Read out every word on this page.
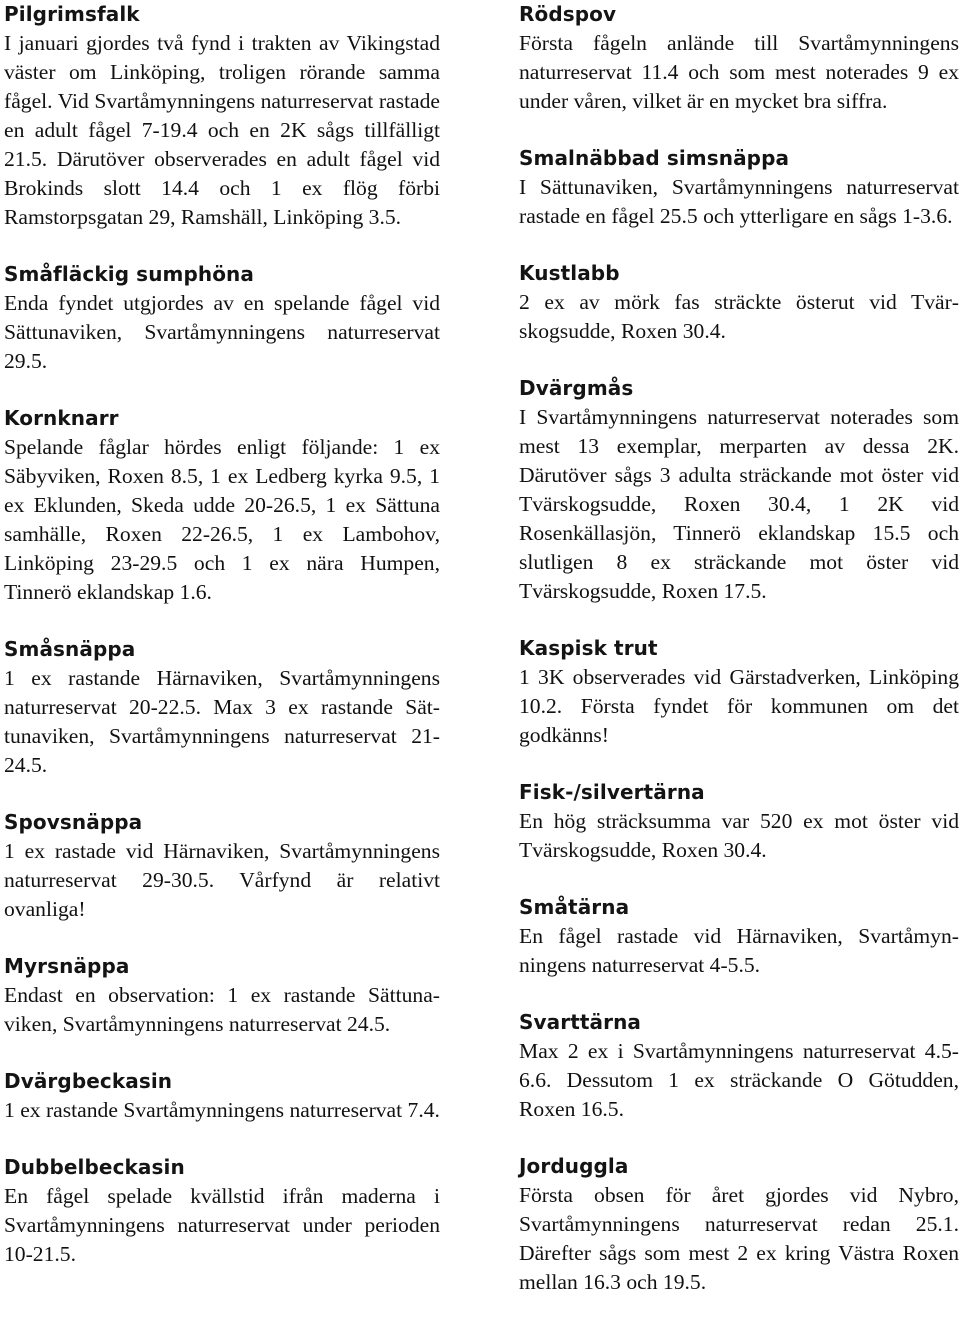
Pilgrimsfalk

I januari gjordes två fynd i trakten av Vikingstad väster om Linköping, troligen rörande samma fågel. Vid Svartåmynningens naturreservat rastade en adult fågel 7-19.4 och en 2K sågs tillfälligt 21.5. Därutöver observerades en adult fågel vid Brokinds slott 14.4 och 1 ex flög förbi Ramstorpsgatan 29, Ramshäll, Linköping 3.5.

Småfläckig sumphöna

Enda fyndet utgjordes av en spelande fågel vid Sättunaviken, Svartåmynningens naturreservat 29.5.

Kornknarr

Spelande fåglar hördes enligt följande: 1 ex Säbyviken, Roxen 8.5, 1 ex Ledberg kyrka 9.5, 1 ex Eklunden, Skeda udde 20-26.5, 1 ex Sättuna samhälle, Roxen 22-26.5, 1 ex Lambohov, Linköping 23-29.5 och 1 ex nära Humpen, Tinnerö eklandskap 1.6.

Småsnäppa

1 ex rastande Härnaviken, Svartåmynningens naturreservat 20-22.5. Max 3 ex rastande Sättunaviken, Svartåmynningens naturreservat 21-24.5.

Spovsnäppa

1 ex rastade vid Härnaviken, Svartåmynningens naturreservat 29-30.5. Vårfynd är relativt ovanliga!

Myrsnäppa

Endast en observation: 1 ex rastande Sättunaviken, Svartåmynningens naturreservat 24.5.

Dvärgbeckasin

1 ex rastande Svartåmynningens naturreservat 7.4.

Dubbelbeckasin

En fågel spelade kvällstid ifrån maderna i Svartåmynningens naturreservat under perioden 10-21.5.

Rödspov

Första fågeln anlände till Svartåmynningens naturreservat 11.4 och som mest noterades 9 ex under våren, vilket är en mycket bra siffra.

Smalnäbbad simsnäppa

I Sättunaviken, Svartåmynningens naturreservat rastade en fågel 25.5 och ytterligare en sågs 1-3.6.

Kustlabb

2 ex av mörk fas sträckte österut vid Tvärskogsudde, Roxen 30.4.

Dvärgmås

I Svartåmynningens naturreservat noterades som mest 13 exemplar, merparten av dessa 2K. Därutöver sågs 3 adulta sträckande mot öster vid Tvärskogsudde, Roxen 30.4, 1 2K vid Rosenkällasjön, Tinnerö eklandskap 15.5 och slutligen 8 ex sträckande mot öster vid Tvärskogsudde, Roxen 17.5.

Kaspisk trut

1 3K observerades vid Gärstadverken, Linköping 10.2. Första fyndet för kommunen om det godkänns!

Fisk-/silvertärna

En hög sträcksumma var 520 ex mot öster vid Tvärskogsudde, Roxen 30.4.

Småtärna

En fågel rastade vid Härnaviken, Svartåmynningens naturreservat 4-5.5.

Svarttärna

Max 2 ex i Svartåmynningens naturreservat 4.5-6.6. Dessutom 1 ex sträckande O Götudden, Roxen 16.5.

Jorduggla

Första obsen för året gjordes vid Nybro, Svartåmynningens naturreservat redan 25.1. Därefter sågs som mest 2 ex kring Västra Roxen mellan 16.3 och 19.5.
